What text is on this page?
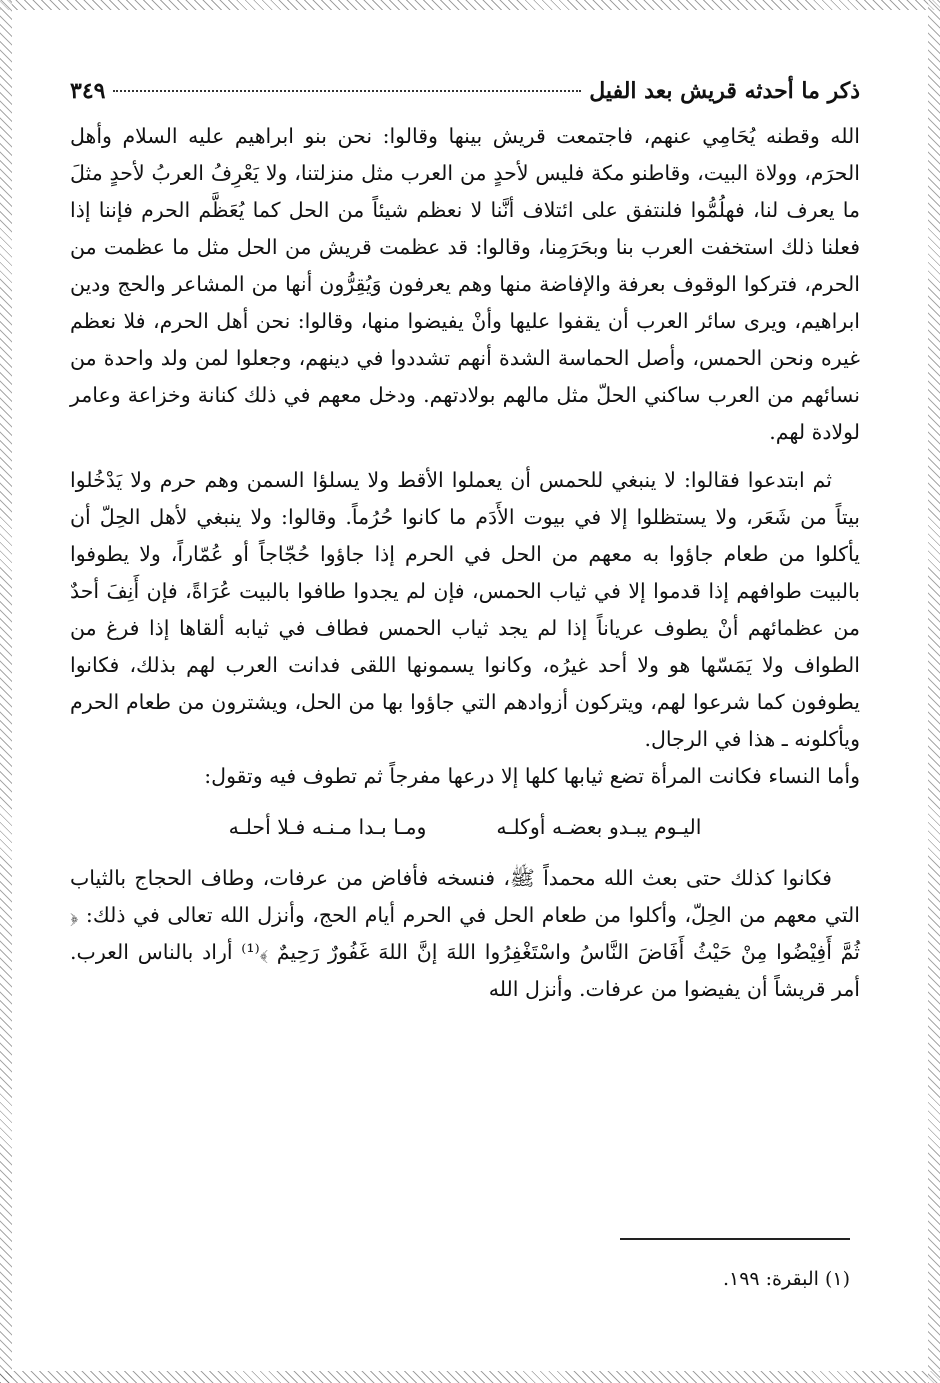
ذكر ما أحدثه قريش بعد الفيل
٣٤٩

الله وقطنه يُحَامِي عنهم، فاجتمعت قريش بينها وقالوا: نحن بنو ابراهيم عليه السلام وأهل الحرَم، وولاة البيت، وقاطنو مكة فليس لأحدٍ من العرب مثل منزلتنا، ولا يَعْرِفُ العربُ لأحدٍ مثلَ ما يعرف لنا، فهلُمُّوا فلنتفق على ائتلاف أنَّنا لا نعظم شيئاً من الحل كما يُعَظَّم الحرم فإننا إذا فعلنا ذلك استخفت العرب بنا وبحَرَمِنا، وقالوا: قد عظمت قريش من الحل مثل ما عظمت من الحرم، فتركوا الوقوف بعرفة والإفاضة منها وهم يعرفون وَيُقِرُّون أنها من المشاعر والحج ودين ابراهيم، ويرى سائر العرب أن يقفوا عليها وأنْ يفيضوا منها، وقالوا: نحن أهل الحرم، فلا نعظم غيره ونحن الحمس، وأصل الحماسة الشدة أنهم تشددوا في دينهم، وجعلوا لمن ولد واحدة من نسائهم من العرب ساكني الحلّ مثل مالهم بولادتهم. ودخل معهم في ذلك كنانة وخزاعة وعامر لولادة لهم.

ثم ابتدعوا فقالوا: لا ينبغي للحمس أن يعملوا الأقط ولا يسلؤا السمن وهم حرم ولا يَدْخُلوا بيتاً من شَعَر، ولا يستظلوا إلا في بيوت الأَدَم ما كانوا حُرُماً. وقالوا: ولا ينبغي لأهل الحِلّ أن يأكلوا من طعام جاؤوا به معهم من الحل في الحرم إذا جاؤوا حُجّاجاً أو عُمّاراً، ولا يطوفوا بالبيت طوافهم إذا قدموا إلا في ثياب الحمس، فإن لم يجدوا طافوا بالبيت عُرَاةً، فإن أَنِفَ أحدٌ من عظمائهم أنْ يطوف عرياناً إذا لم يجد ثياب الحمس فطاف في ثيابه ألقاها إذا فرغ من الطواف ولا يَمَسّها هو ولا أحد غيرُه، وكانوا يسمونها اللقى فدانت العرب لهم بذلك، فكانوا يطوفون كما شرعوا لهم، ويتركون أزوادهم التي جاؤوا بها من الحل، ويشترون من طعام الحرم ويأكلونه ـ هذا في الرجال.

وأما النساء فكانت المرأة تضع ثيابها كلها إلا درعها مفرجاً ثم تطوف فيه وتقول:

اليـوم يبـدو بعضـه أوكلـه
ومـا بـدا مـنـه فـلا أحلـه

فكانوا كذلك حتى بعث الله محمداً ﷺ، فنسخه فأفاض من عرفات، وطاف الحجاج بالثياب التي معهم من الحِلّ، وأكلوا من طعام الحل في الحرم أيام الحج، وأنزل الله تعالى في ذلك: ﴿ ثُمَّ أَفِيْضُوا مِنْ حَيْثُ أَفَاضَ النَّاسُ واسْتَغْفِرُوا اللهَ إنَّ اللهَ غَفُورٌ رَحِيمٌ ﴾⁽¹⁾ أراد بالناس العرب. أمر قريشاً أن يفيضوا من عرفات. وأنزل الله

(١) البقرة: ١٩٩.
